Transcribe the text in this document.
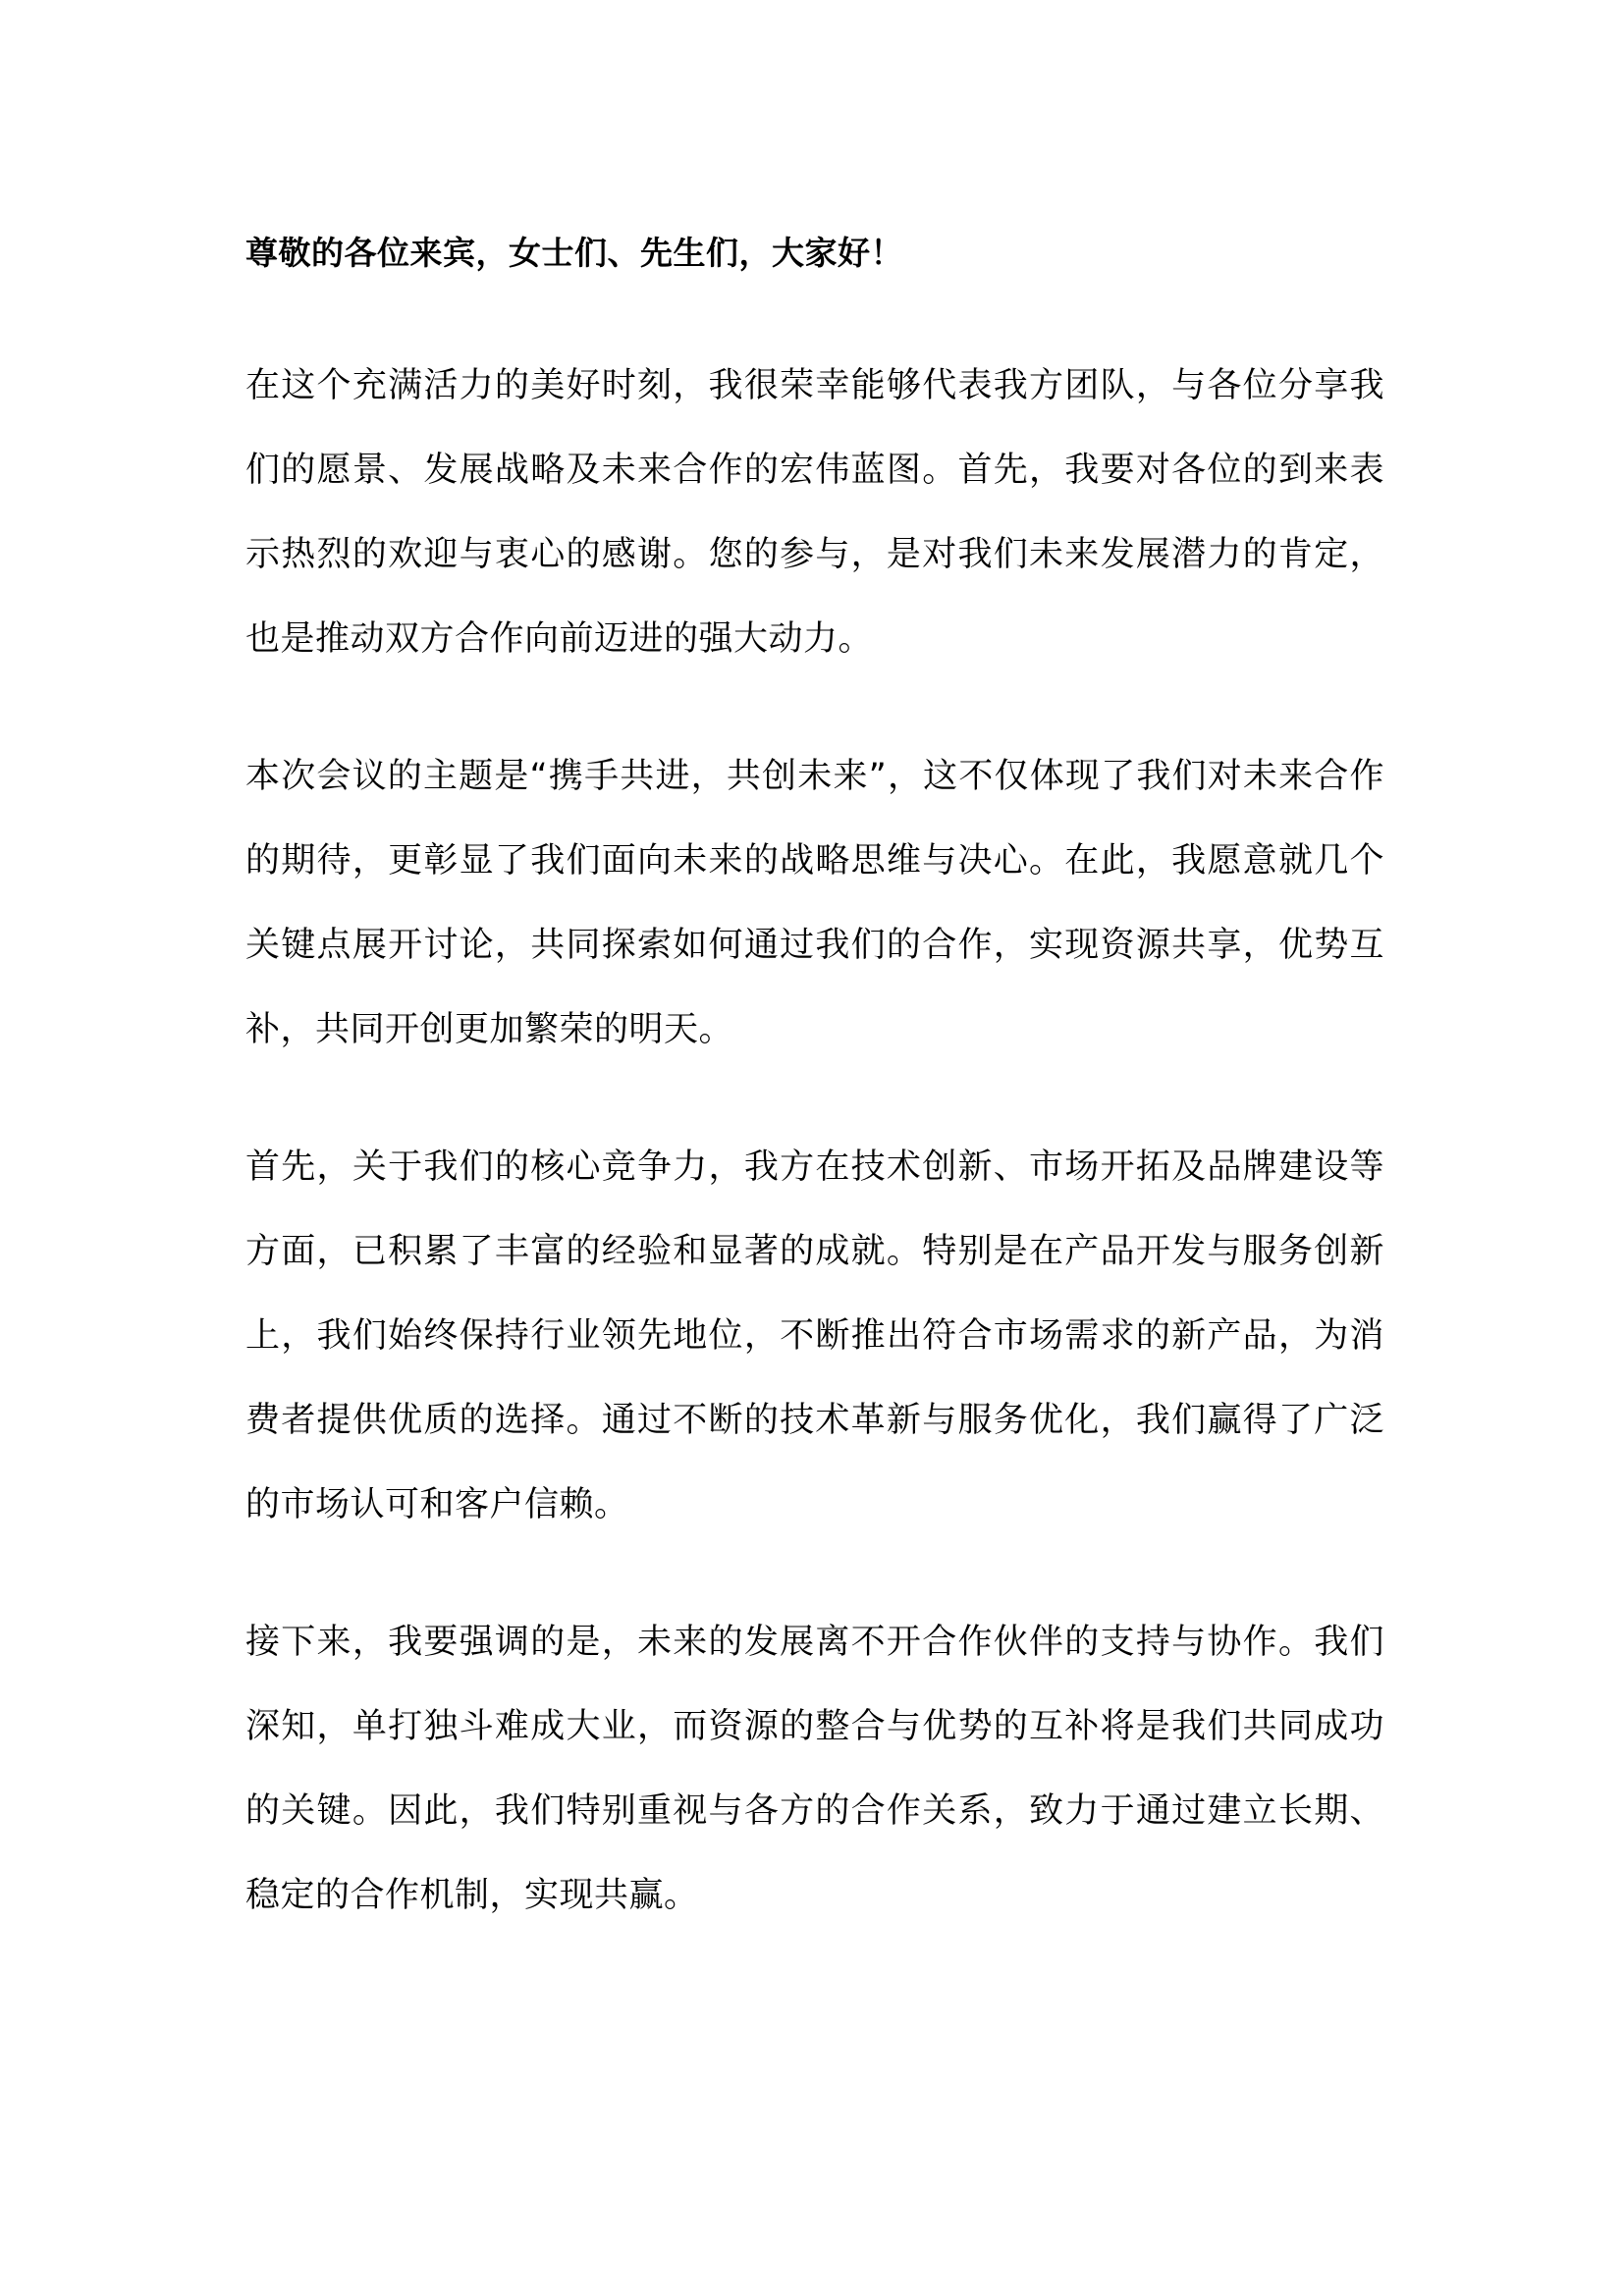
尊敬的各位来宾，女士们、先生们，大家好！

在这个充满活力的美好时刻，我很荣幸能够代表我方团队，与各位分享我们的愿景、发展战略及未来合作的宏伟蓝图。首先，我要对各位的到来表示热烈的欢迎与衷心的感谢。您的参与，是对我们未来发展潜力的肯定，也是推动双方合作向前迈进的强大动力。

本次会议的主题是“携手共进，共创未来”，这不仅体现了我们对未来合作的期待，更彰显了我们面向未来的战略思维与决心。在此，我愿意就几个关键点展开讨论，共同探索如何通过我们的合作，实现资源共享，优势互补，共同开创更加繁荣的明天。

首先，关于我们的核心竞争力，我方在技术创新、市场开拓及品牌建设等方面，已积累了丰富的经验和显著的成就。特别是在产品开发与服务创新上，我们始终保持行业领先地位，不断推出符合市场需求的新产品，为消费者提供优质的选择。通过不断的技术革新与服务优化，我们赢得了广泛的市场认可和客户信赖。

接下来，我要强调的是，未来的发展离不开合作伙伴的支持与协作。我们深知，单打独斗难成大业，而资源的整合与优势的互补将是我们共同成功的关键。因此，我们特别重视与各方的合作关系，致力于通过建立长期、稳定的合作机制，实现共赢。
